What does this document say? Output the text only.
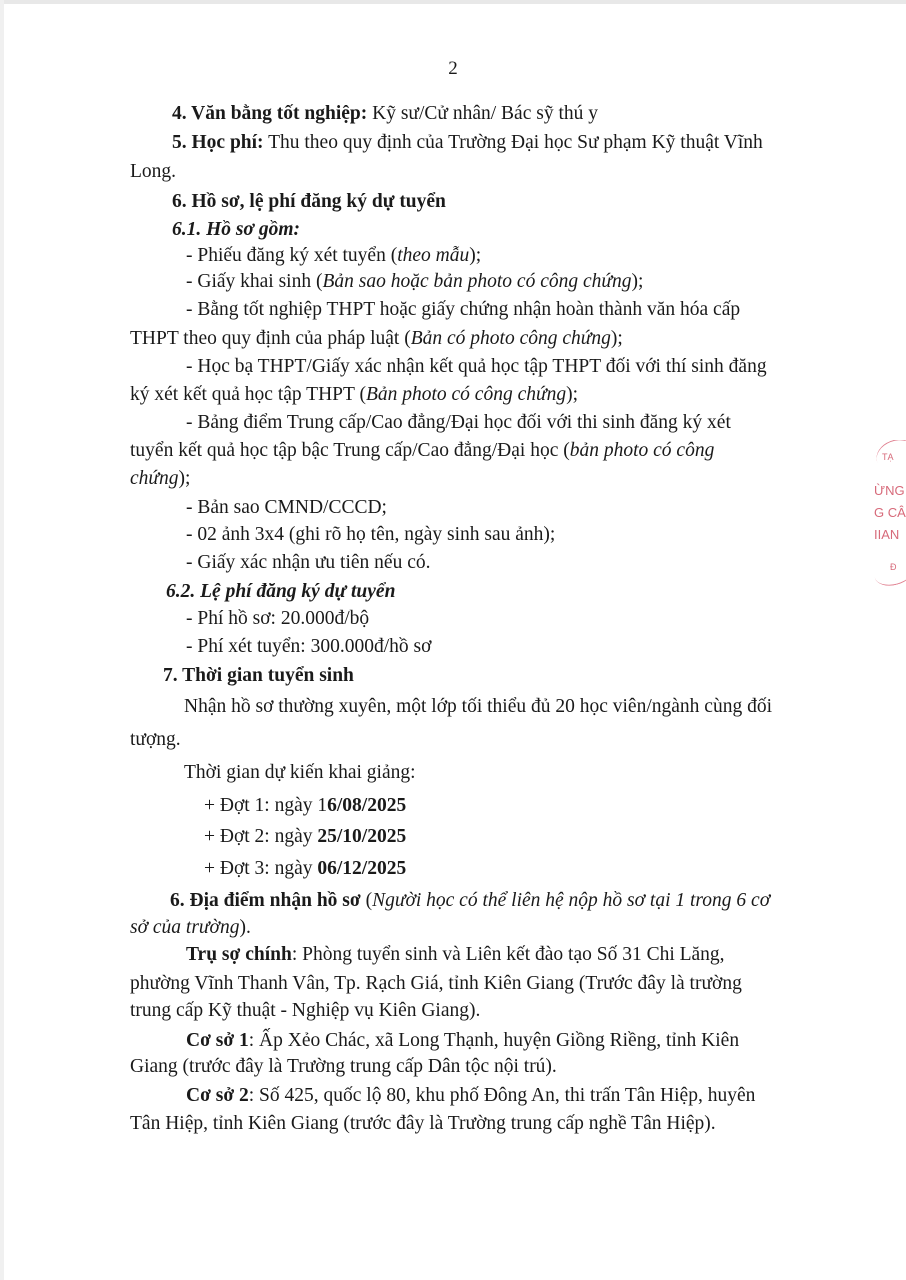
2
4. Văn bằng tốt nghiệp: Kỹ sư/Cử nhân/ Bác sỹ thú y
5. Học phí: Thu theo quy định của Trường Đại học Sư phạm Kỹ thuật Vĩnh
Long.
6. Hồ sơ, lệ phí đăng ký dự tuyển
6.1. Hồ sơ gồm:
- Phiếu đăng ký xét tuyển (theo mẫu);
- Giấy khai sinh (Bản sao hoặc bản photo có công chứng);
- Bằng tốt nghiệp THPT hoặc giấy chứng nhận hoàn thành văn hóa cấp
THPT theo quy định của pháp luật (Bản có photo công chứng);
- Học bạ THPT/Giấy xác nhận kết quả học tập THPT đối với thí sinh đăng
ký xét kết quả học tập THPT (Bản photo có công chứng);
- Bảng điểm Trung cấp/Cao đẳng/Đại học đối với thi sinh đăng ký xét
tuyển kết quả học tập bậc Trung cấp/Cao đẳng/Đại học (bản photo có công
chứng);
- Bản sao CMND/CCCD;
- 02 ảnh 3x4 (ghi rõ họ tên, ngày sinh sau ảnh);
- Giấy xác nhận ưu tiên nếu có.
6.2. Lệ phí đăng ký dự tuyển
- Phí hồ sơ: 20.000đ/bộ
- Phí xét tuyển: 300.000đ/hồ sơ
7. Thời gian tuyển sinh
Nhận hồ sơ thường xuyên, một lớp tối thiểu đủ 20 học viên/ngành cùng đối
tượng.
Thời gian dự kiến khai giảng:
+ Đợt 1: ngày 16/08/2025
+ Đợt 2: ngày 25/10/2025
+ Đợt 3: ngày 06/12/2025
6. Địa điểm nhận hồ sơ (Người học có thể liên hệ nộp hồ sơ tại 1 trong 6 cơ
sở của trường).
Trụ sợ chính: Phòng tuyển sinh và Liên kết đào tạo Số 31 Chi Lăng,
phường Vĩnh Thanh Vân, Tp. Rạch Giá, tỉnh Kiên Giang (Trước đây là trường
trung cấp Kỹ thuật - Nghiệp vụ Kiên Giang).
Cơ sở 1: Ấp Xẻo Chác, xã Long Thạnh, huyện Giồng Riềng, tỉnh Kiên
Giang (trước đây là Trường trung cấp Dân tộc nội trú).
Cơ sở 2: Số 425, quốc lộ 80, khu phố Đông An, thi trấn Tân Hiệp, huyên
Tân Hiệp, tỉnh Kiên Giang (trước đây là Trường trung cấp nghề Tân Hiệp).
TẠ
ỪNG
G CÂ
IIAN
Đ
